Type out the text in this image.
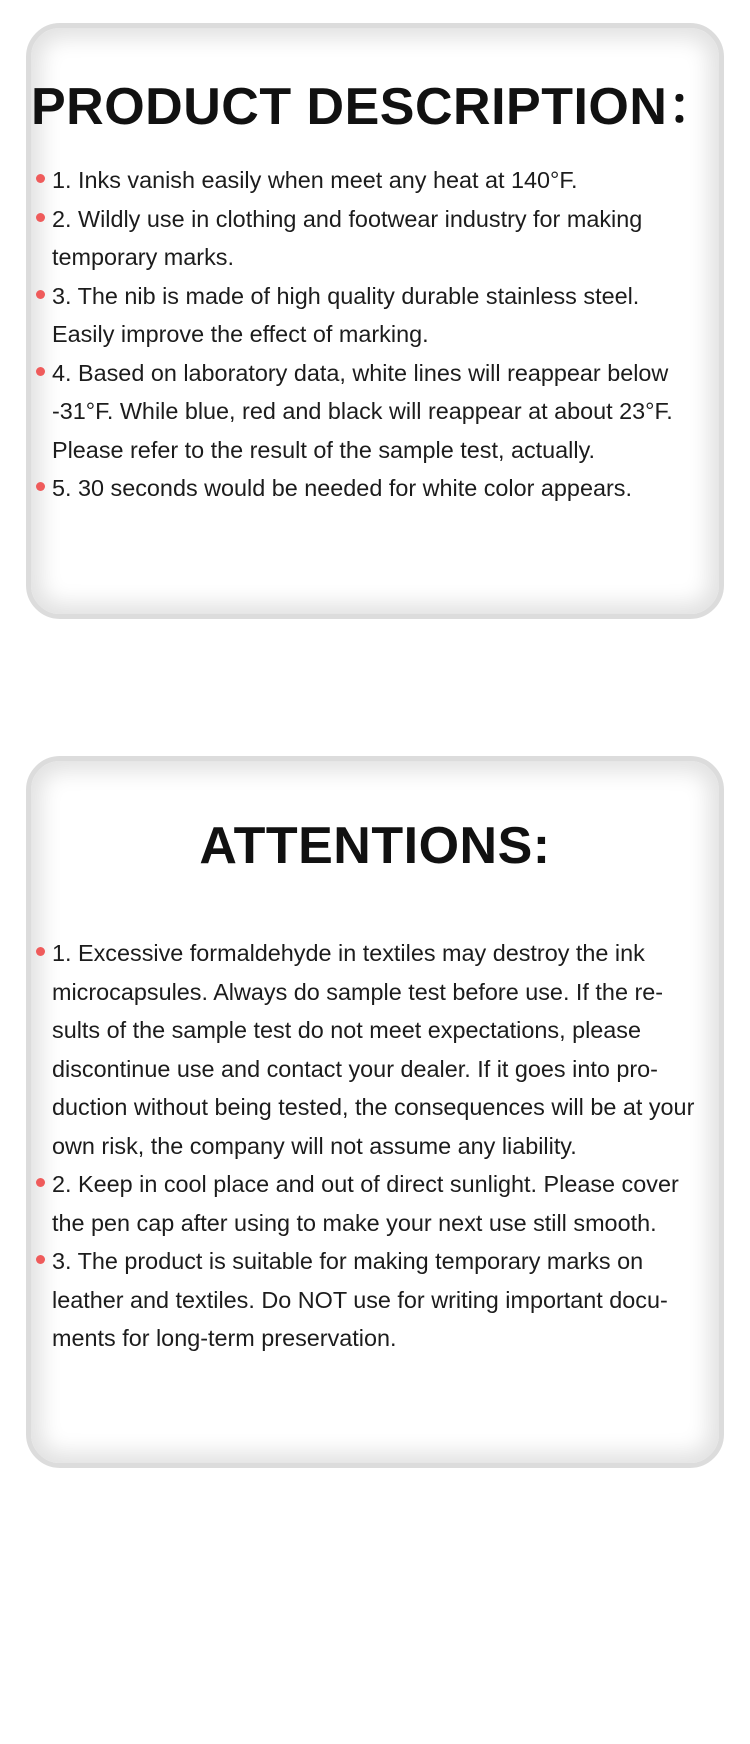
PRODUCT DESCRIPTION：
1. Inks vanish easily when meet any heat at 140°F.
2. Wildly use in clothing and footwear industry for making temporary marks.
3. The nib is made of high quality durable stainless steel. Easily improve the effect of marking.
4. Based on laboratory data, white lines will reappear below -31°F. While blue, red and black will reappear at about 23°F. Please refer to the result of the sample test, actually.
5. 30 seconds would be needed for white color appears.
ATTENTIONS:
1. Excessive formaldehyde in textiles may destroy the ink microcapsules. Always do sample test before use. If the re-sults of the sample test do not meet expectations, please discontinue use and contact your dealer. If it goes into pro-duction without being tested, the consequences will be at your own risk, the company will not assume any liability.
2. Keep in cool place and out of direct sunlight. Please cover the pen cap after using to make your next use still smooth.
3. The product is suitable for making temporary marks on leather and textiles. Do NOT use for writing important docu-ments for long-term preservation.
